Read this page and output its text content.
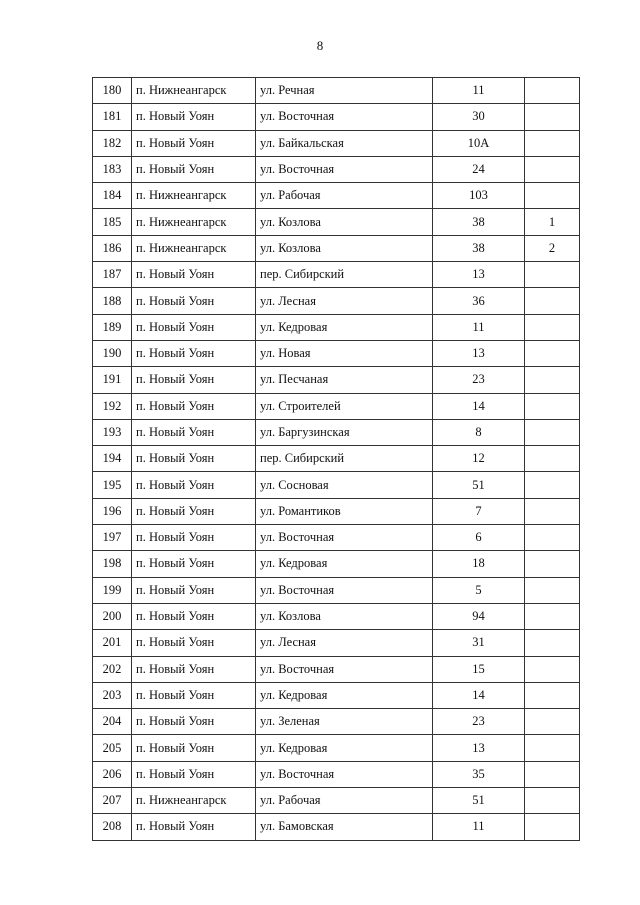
8
180	п. Нижнеангарск	ул. Речная	11	
181	п. Новый Уоян	ул. Восточная	30	
182	п. Новый Уоян	ул. Байкальская	10А	
183	п. Новый Уоян	ул. Восточная	24	
184	п. Нижнеангарск	ул. Рабочая	103	
185	п. Нижнеангарск	ул. Козлова	38	1
186	п. Нижнеангарск	ул. Козлова	38	2
187	п. Новый Уоян	пер. Сибирский	13	
188	п. Новый Уоян	ул. Лесная	36	
189	п. Новый Уоян	ул. Кедровая	11	
190	п. Новый Уоян	ул. Новая	13	
191	п. Новый Уоян	ул. Песчаная	23	
192	п. Новый Уоян	ул. Строителей	14	
193	п. Новый Уоян	ул. Баргузинская	8	
194	п. Новый Уоян	пер. Сибирский	12	
195	п. Новый Уоян	ул. Сосновая	51	
196	п. Новый Уоян	ул. Романтиков	7	
197	п. Новый Уоян	ул. Восточная	6	
198	п. Новый Уоян	ул. Кедровая	18	
199	п. Новый Уоян	ул. Восточная	5	
200	п. Новый Уоян	ул. Козлова	94	
201	п. Новый Уоян	ул. Лесная	31	
202	п. Новый Уоян	ул. Восточная	15	
203	п. Новый Уоян	ул. Кедровая	14	
204	п. Новый Уоян	ул. Зеленая	23	
205	п. Новый Уоян	ул. Кедровая	13	
206	п. Новый Уоян	ул. Восточная	35	
207	п. Нижнеангарск	ул. Рабочая	51	
208	п. Новый Уоян	ул. Бамовская	11	
